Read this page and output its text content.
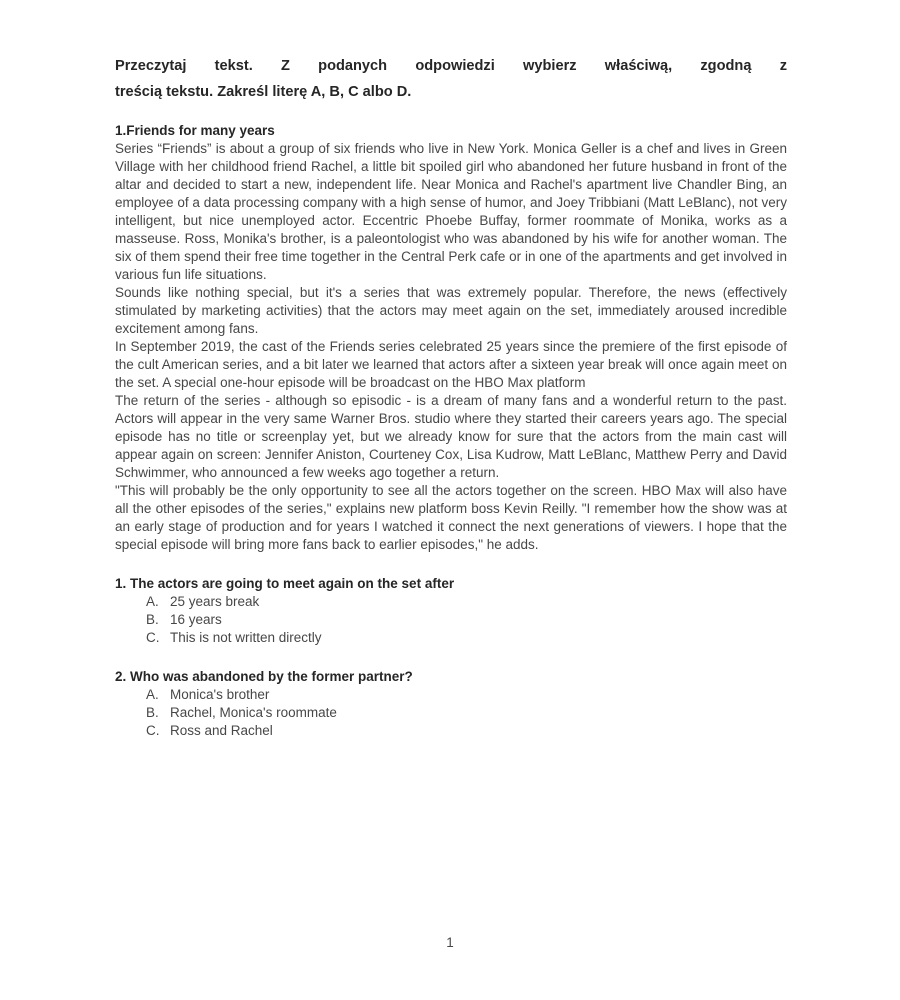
Przeczytaj tekst. Z podanych odpowiedzi wybierz właściwą, zgodną z

treścią tekstu. Zakreśl literę A, B, C albo D.

1.Friends for many years

Series “Friends” is about a group of six friends who live in New York. Monica Geller is a chef and lives in Green Village with her childhood friend Rachel, a little bit spoiled girl who abandoned her future husband in front of the altar and decided to start a new, independent life. Near Monica and Rachel's apartment live Chandler Bing, an employee of a data processing company with a high sense of humor, and Joey Tribbiani (Matt LeBlanc), not very intelligent, but nice unemployed actor. Eccentric Phoebe Buffay, former roommate of Monika, works as a masseuse. Ross, Monika's brother, is a paleontologist who was abandoned by his wife for another woman. The six of them spend their free time together in the Central Perk cafe or in one of the apartments and get involved in various fun life situations.

Sounds like nothing special, but it's a series that was extremely popular. Therefore, the news (effectively stimulated by marketing activities) that the actors may meet again on the set, immediately aroused incredible excitement among fans.

In September 2019, the cast of the Friends series celebrated 25 years since the premiere of the first episode of the cult American series, and a bit later we learned that actors after a sixteen year break will once again meet on the set. A special one-hour episode will be broadcast on the HBO Max platform

The return of the series - although so episodic - is a dream of many fans and a wonderful return to the past. Actors will appear in the very same Warner Bros. studio where they started their careers years ago. The special episode has no title or screenplay yet, but we already know for sure that the actors from the main cast will appear again on screen: Jennifer Aniston, Courteney Cox, Lisa Kudrow, Matt LeBlanc, Matthew Perry and David Schwimmer, who announced a few weeks ago together a return.

"This will probably be the only opportunity to see all the actors together on the screen. HBO Max will also have all the other episodes of the series," explains new platform boss Kevin Reilly. "I remember how the show was at an early stage of production and for years I watched it connect the next generations of viewers. I hope that the special episode will bring more fans back to earlier episodes," he adds.

1. The actors are going to meet again on the set after

A. 25 years break
B. 16 years
C. This is not written directly

2. Who was abandoned by the former partner?

A. Monica's brother
B. Rachel, Monica's roommate
C. Ross and Rachel
1
